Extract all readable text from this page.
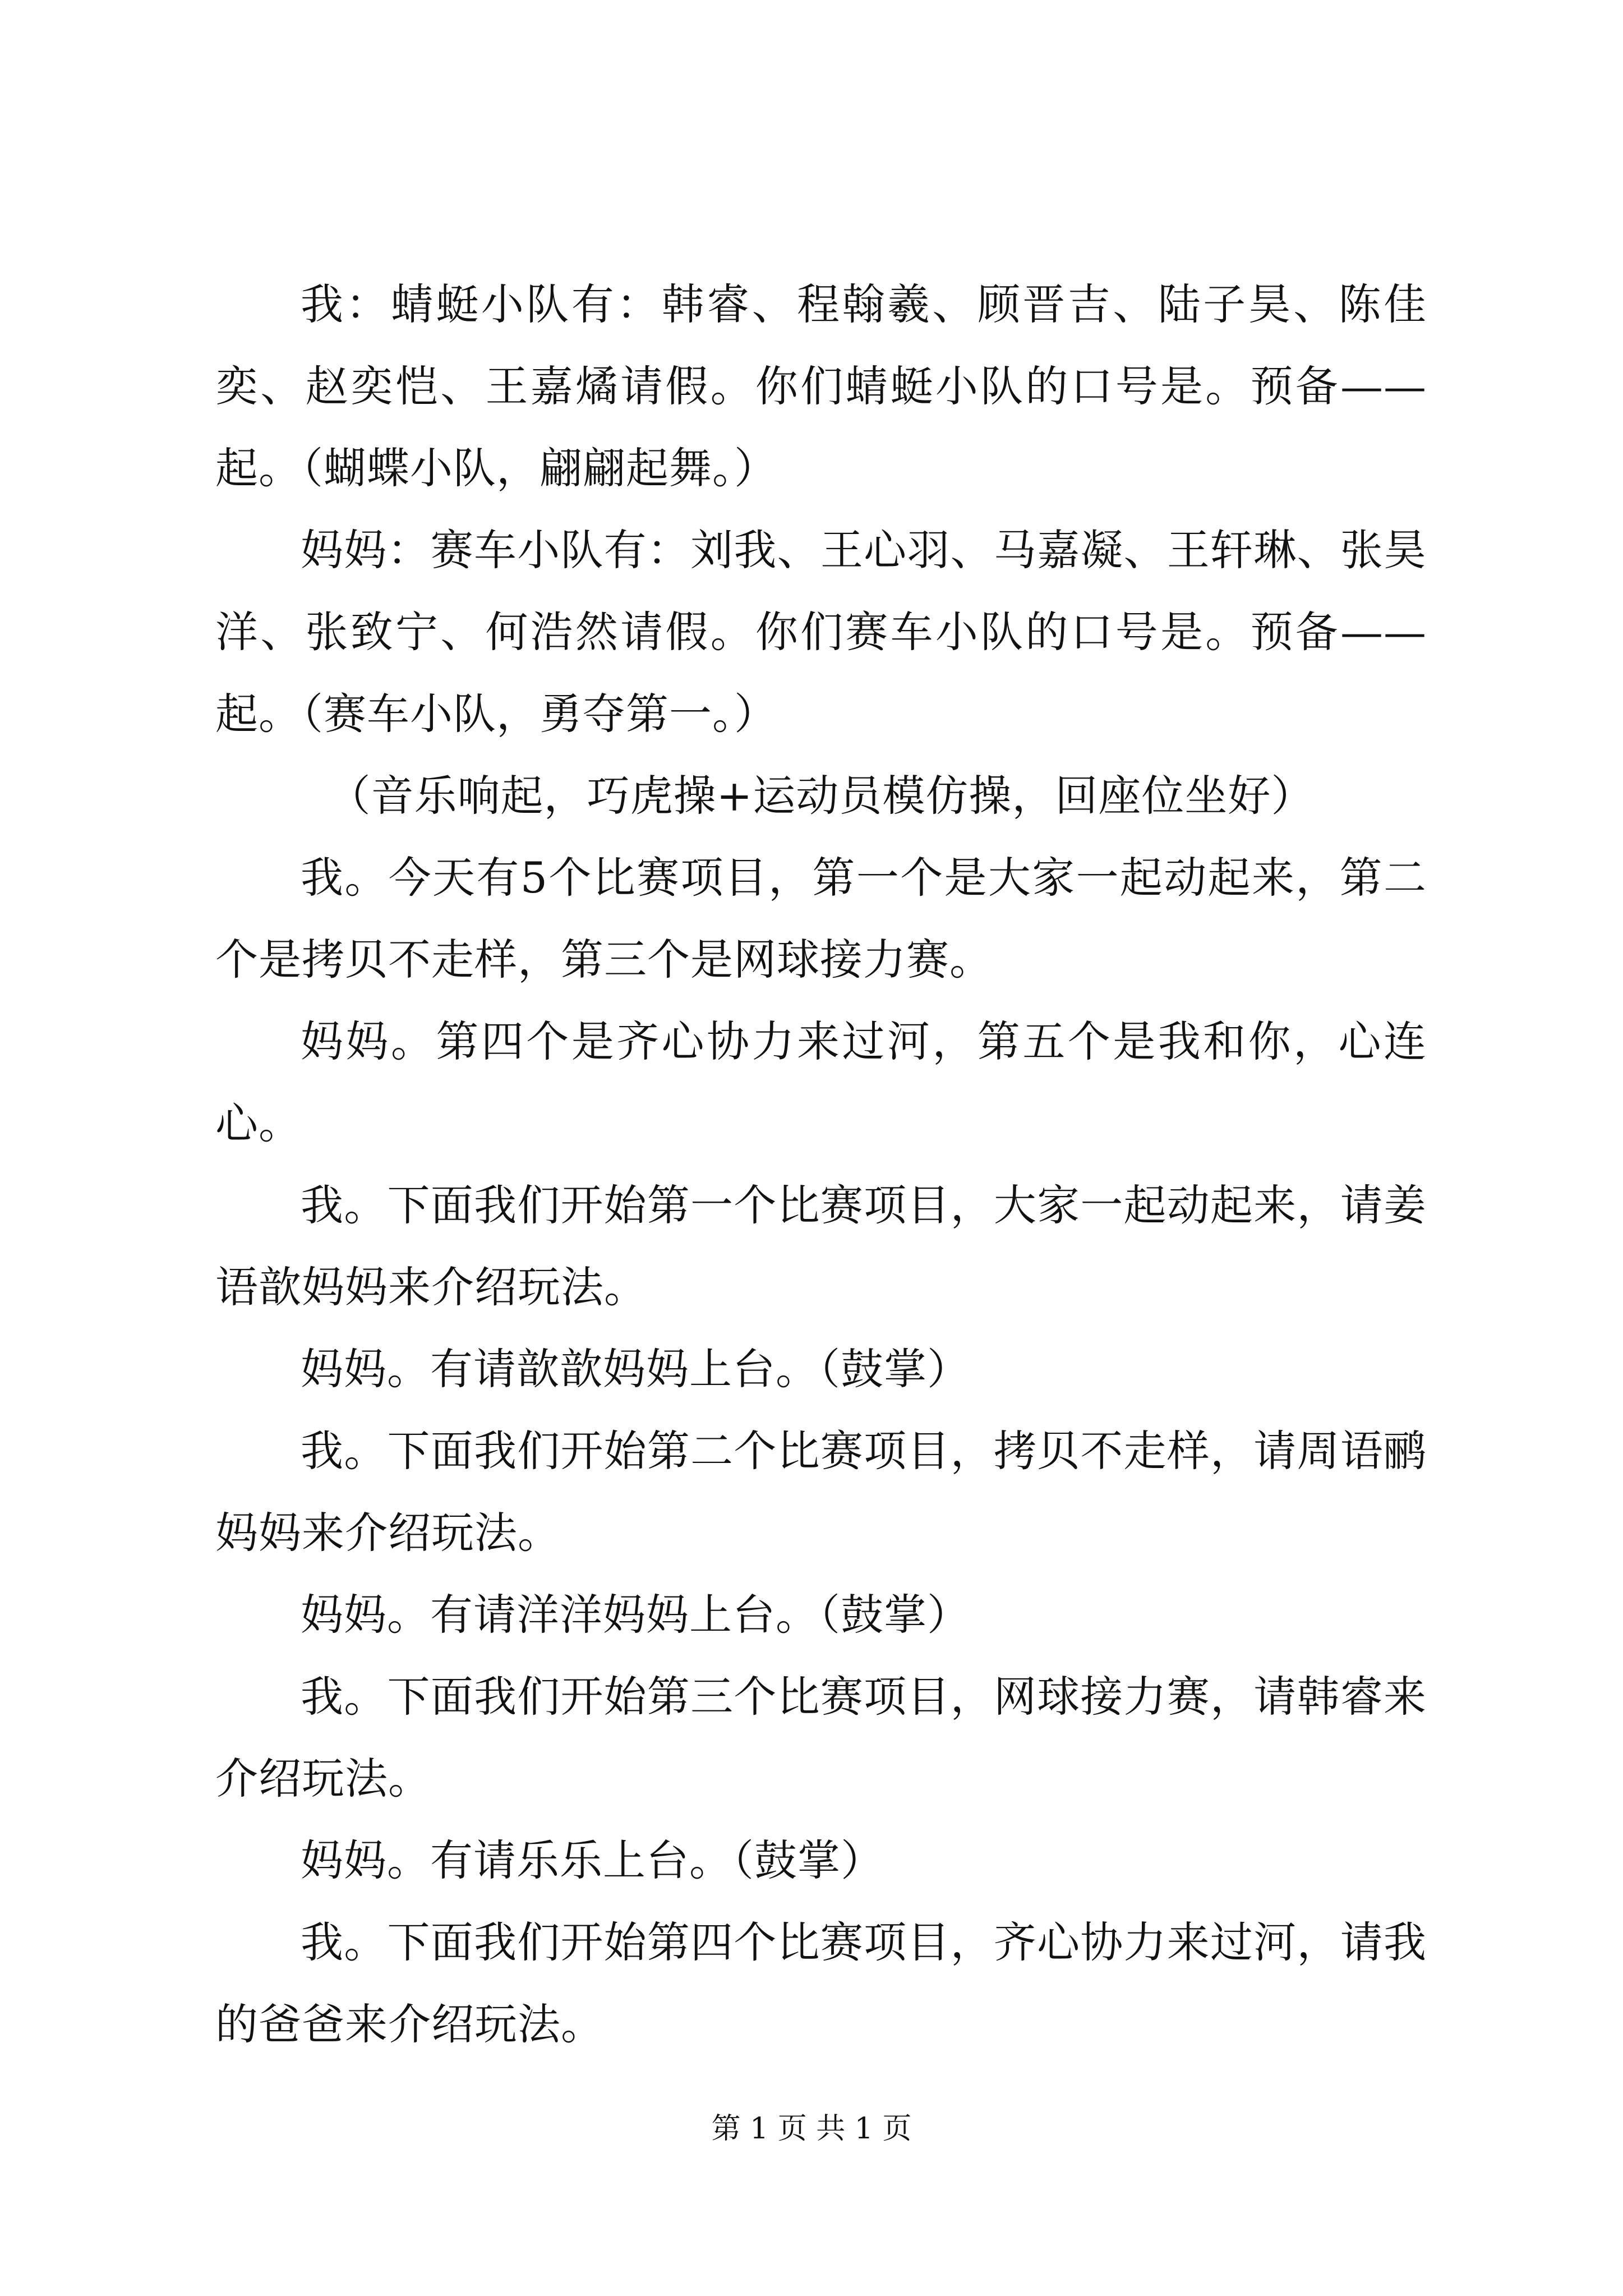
我：蜻蜓小队有：韩睿、程翰羲、顾晋吉、陆子昊、陈佳奕、赵奕恺、王嘉燏请假。你们蜻蜓小队的口号是。预备——起。（蝴蝶小队，翩翩起舞。）

妈妈：赛车小队有：刘我、王心羽、马嘉凝、王轩琳、张昊洋、张致宁、何浩然请假。你们赛车小队的口号是。预备——起。（赛车小队，勇夺第一。）

（音乐响起，巧虎操+运动员模仿操，回座位坐好）

我。今天有5个比赛项目，第一个是大家一起动起来，第二个是拷贝不走样，第三个是网球接力赛。

妈妈。第四个是齐心协力来过河，第五个是我和你，心连心。

我。下面我们开始第一个比赛项目，大家一起动起来，请姜语歆妈妈来介绍玩法。

妈妈。有请歆歆妈妈上台。（鼓掌）

我。下面我们开始第二个比赛项目，拷贝不走样，请周语鹂妈妈来介绍玩法。

妈妈。有请洋洋妈妈上台。（鼓掌）

我。下面我们开始第三个比赛项目，网球接力赛，请韩睿来介绍玩法。

妈妈。有请乐乐上台。（鼓掌）

我。下面我们开始第四个比赛项目，齐心协力来过河，请我的爸爸来介绍玩法。

第 1 页 共 1 页
